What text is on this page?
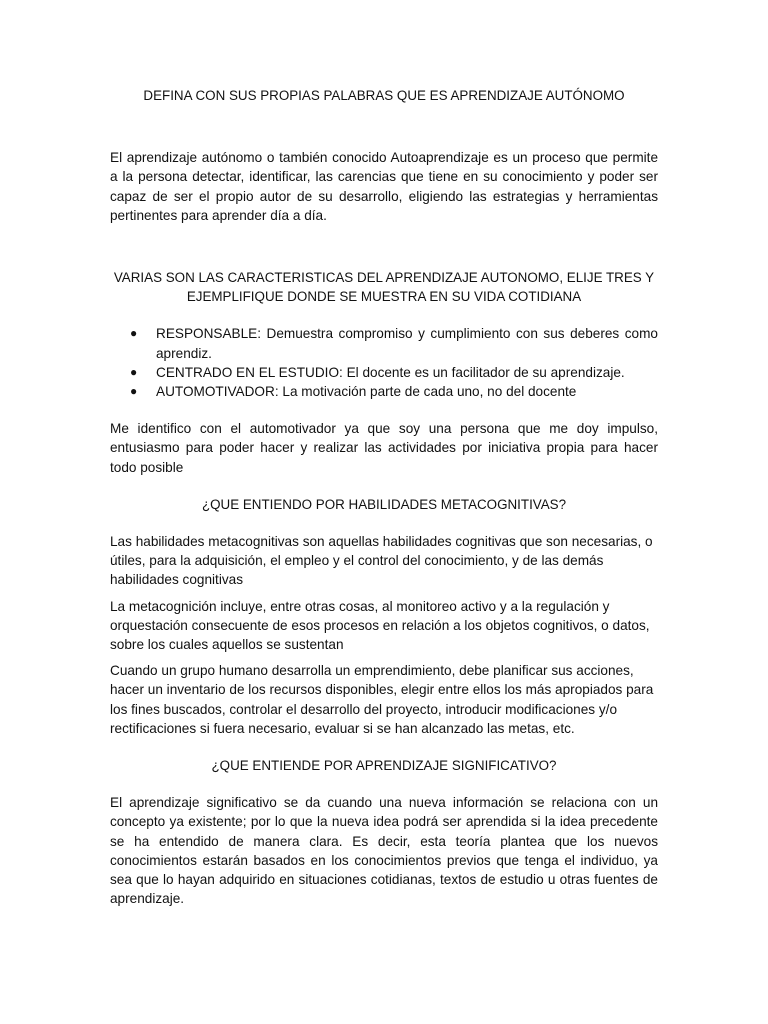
DEFINA CON SUS PROPIAS PALABRAS QUE ES APRENDIZAJE AUTÓNOMO

El aprendizaje autónomo o también conocido Autoaprendizaje es un proceso que permite a la persona detectar, identificar, las carencias que tiene en su conocimiento y poder ser capaz de ser el propio autor de su desarrollo, eligiendo las estrategias y herramientas pertinentes para aprender día a día.

VARIAS SON LAS CARACTERISTICAS DEL APRENDIZAJE AUTONOMO, ELIJE TRES Y EJEMPLIFIQUE DONDE SE MUESTRA EN SU VIDA COTIDIANA
● RESPONSABLE: Demuestra compromiso y cumplimiento con sus deberes como aprendiz.
● CENTRADO EN EL ESTUDIO: El docente es un facilitador de su aprendizaje.
● AUTOMOTIVADOR: La motivación parte de cada uno, no del docente

Me identifico con el automotivador ya que soy una persona que me doy impulso, entusiasmo para poder hacer y realizar las actividades por iniciativa propia para hacer todo posible

¿QUE ENTIENDO POR HABILIDADES METACOGNITIVAS?

Las habilidades metacognitivas son aquellas habilidades cognitivas que son necesarias, o útiles, para la adquisición, el empleo y el control del conocimiento, y de las demás habilidades cognitivas

La metacognición incluye, entre otras cosas, al monitoreo activo y a la regulación y orquestación consecuente de esos procesos en relación a los objetos cognitivos, o datos, sobre los cuales aquellos se sustentan

Cuando un grupo humano desarrolla un emprendimiento, debe planificar sus acciones, hacer un inventario de los recursos disponibles, elegir entre ellos los más apropiados para los fines buscados, controlar el desarrollo del proyecto, introducir modificaciones y/o rectificaciones si fuera necesario, evaluar si se han alcanzado las metas, etc.

¿QUE ENTIENDE POR APRENDIZAJE SIGNIFICATIVO?

El aprendizaje significativo se da cuando una nueva información se relaciona con un concepto ya existente; por lo que la nueva idea podrá ser aprendida si la idea precedente se ha entendido de manera clara. Es decir, esta teoría plantea que los nuevos conocimientos estarán basados en los conocimientos previos que tenga el individuo, ya sea que lo hayan adquirido en situaciones cotidianas, textos de estudio u otras fuentes de aprendizaje.
